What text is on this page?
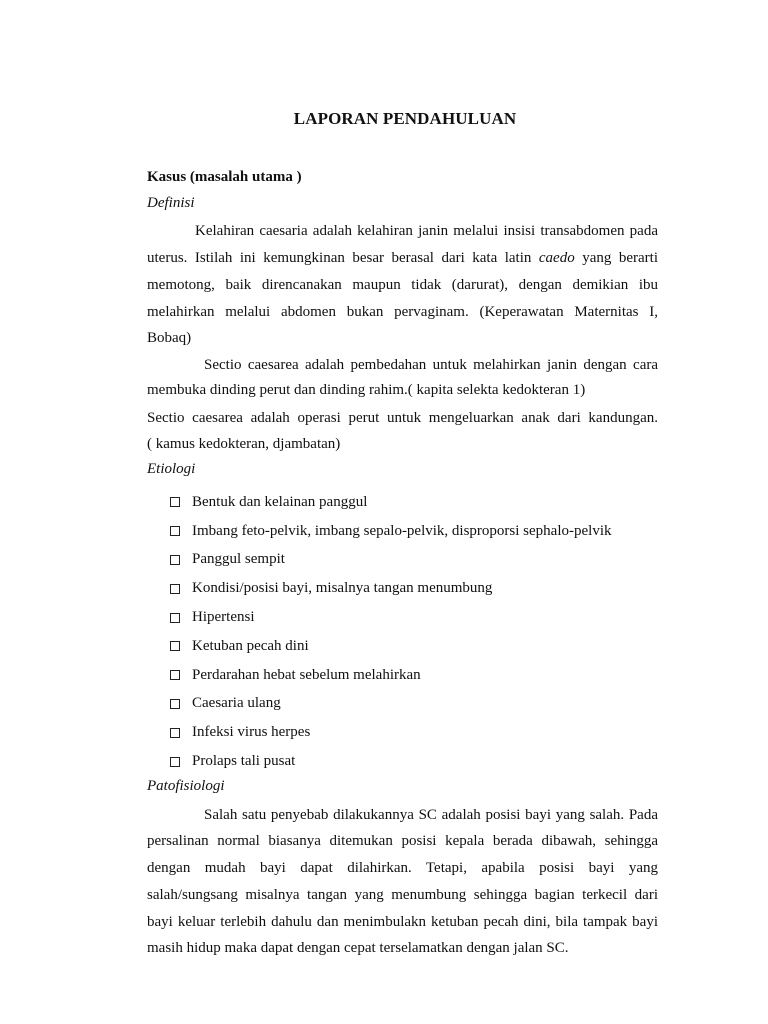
LAPORAN PENDAHULUAN
Kasus (masalah utama )
Definisi
Kelahiran caesaria adalah kelahiran janin melalui insisi transabdomen pada
uterus. Istilah ini kemungkinan besar berasal dari kata latin caedo yang berarti
memotong, baik direncanakan maupun tidak (darurat), dengan demikian ibu
melahirkan melalui abdomen bukan pervaginam. (Keperawatan Maternitas I,
Bobaq)
Sectio caesarea adalah pembedahan untuk melahirkan janin dengan cara
membuka dinding perut dan dinding rahim.( kapita selekta kedokteran 1)
Sectio caesarea adalah operasi perut untuk mengeluarkan anak dari kandungan.
( kamus kedokteran, djambatan)
Etiologi
Bentuk dan kelainan panggul
Imbang feto-pelvik, imbang sepalo-pelvik, disproporsi sephalo-pelvik
Panggul sempit
Kondisi/posisi bayi, misalnya tangan menumbung
Hipertensi
Ketuban pecah dini
Perdarahan hebat sebelum melahirkan
Caesaria ulang
Infeksi virus herpes
Prolaps tali pusat
Patofisiologi
Salah satu penyebab dilakukannya SC adalah posisi bayi yang salah. Pada
persalinan normal biasanya ditemukan posisi kepala berada dibawah, sehingga
dengan mudah bayi dapat dilahirkan. Tetapi, apabila posisi bayi yang
salah/sungsang misalnya tangan yang menumbung sehingga bagian terkecil dari
bayi keluar terlebih dahulu dan menimbulakn ketuban pecah dini, bila tampak bayi
masih hidup maka dapat dengan cepat terselamatkan dengan jalan SC.
